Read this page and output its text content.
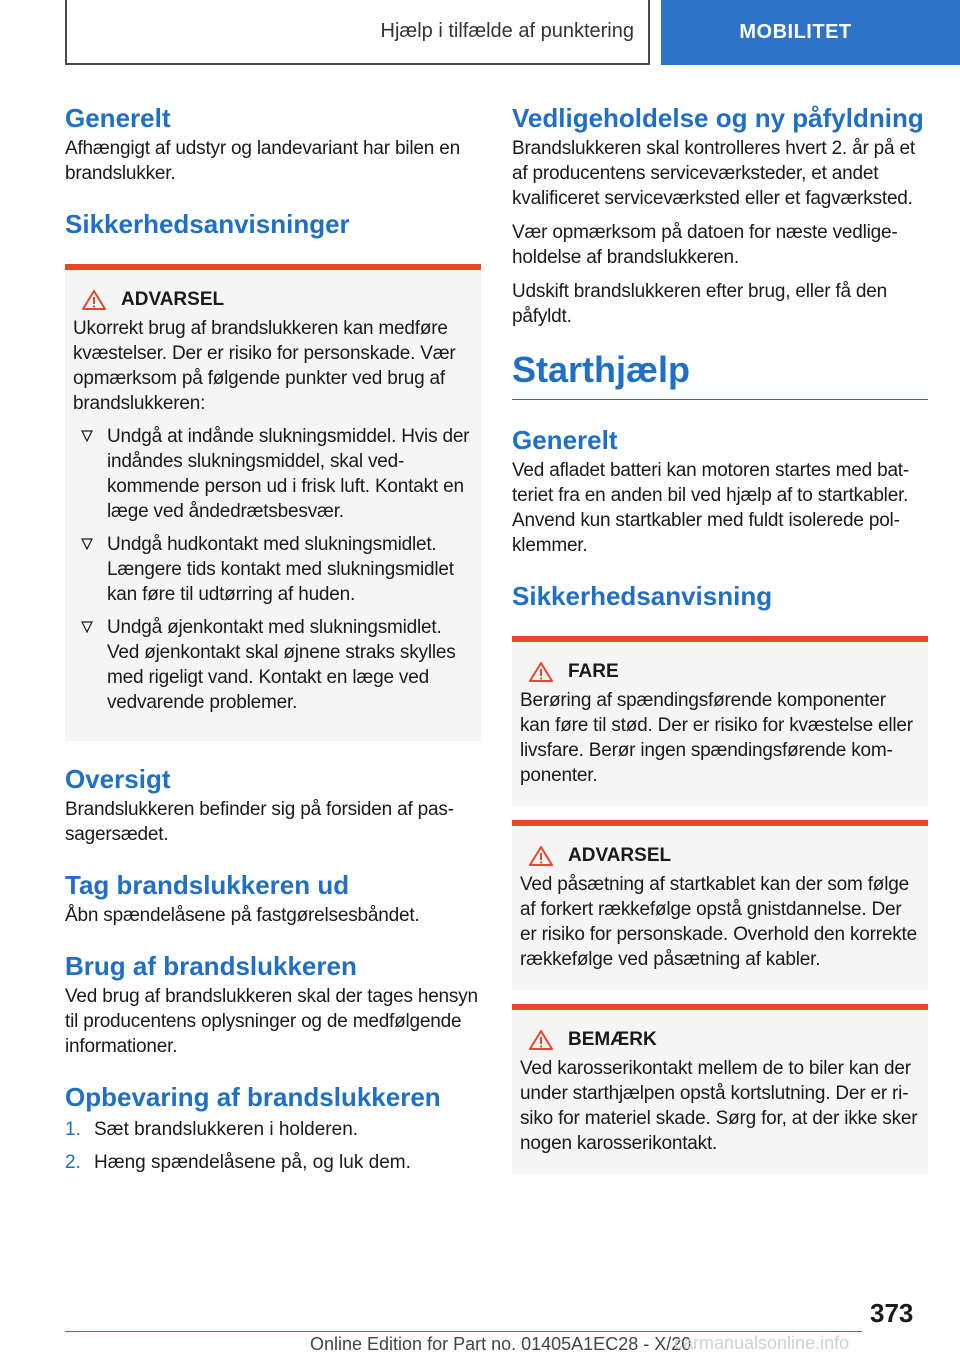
Hjælp i tilfælde af punktering	MOBILITET
Generelt

Afhængigt af udstyr og landevariant har bilen en brandslukker.

Sikkerhedsanvisninger
ADVARSEL

Ukorrekt brug af brandslukkeren kan medføre kvæstelser. Der er risiko for personskade. Vær opmærksom på følgende punkter ved brug af brandslukkeren:

Undgå at indånde slukningsmiddel. Hvis der indåndes slukningsmiddel, skal vedkommende person ud i frisk luft. Kontakt en læge ved åndedrætsbesvær.
Undgå hudkontakt med slukningsmidlet. Længere tids kontakt med slukningsmidlet kan føre til udtørring af huden.
Undgå øjenkontakt med slukningsmidlet. Ved øjenkontakt skal øjnene straks skylles med rigeligt vand. Kontakt en læge ved vedvarende problemer.
Oversigt

Brandslukkeren befinder sig på forsiden af passagersædet.

Tag brandslukkeren ud

Åbn spændelåsene på fastgørelsesbåndet.

Brug af brandslukkeren

Ved brug af brandslukkeren skal der tages hensyn til producentens oplysninger og de medfølgende informationer.

Opbevaring af brandslukkeren
1. Sæt brandslukkeren i holderen.
2. Hæng spændelåsene på, og luk dem.
Vedligeholdelse og ny påfyldning

Brandslukkeren skal kontrolleres hvert 2. år på et af producentens serviceværksteder, et andet kvalificeret serviceværksted eller et fagværksted.

Vær opmærksom på datoen for næste vedligeholdelse af brandslukkeren.

Udskift brandslukkeren efter brug, eller få den påfyldt.

Starthjælp
Generelt

Ved afladet batteri kan motoren startes med batteriet fra en anden bil ved hjælp af to startkabler. Anvend kun startkabler med fuldt isolerede polklemmer.

Sikkerhedsanvisning
FARE

Berøring af spændingsførende komponenter kan føre til stød. Der er risiko for kvæstelse eller livsfare. Berør ingen spændingsførende komponenter.

ADVARSEL

Ved påsætning af startkablet kan der som følge af forkert rækkefølge opstå gnistdannelse. Der er risiko for personskade. Overhold den korrekte rækkefølge ved påsætning af kabler.

BEMÆRK

Ved karosserikontakt mellem de to biler kan der under starthjælpen opstå kortslutning. Der er risiko for materiel skade. Sørg for, at der ikke sker nogen karosserikontakt.

373
Online Edition for Part no. 01405A1EC28 - X/20
carmanualsonline.info
